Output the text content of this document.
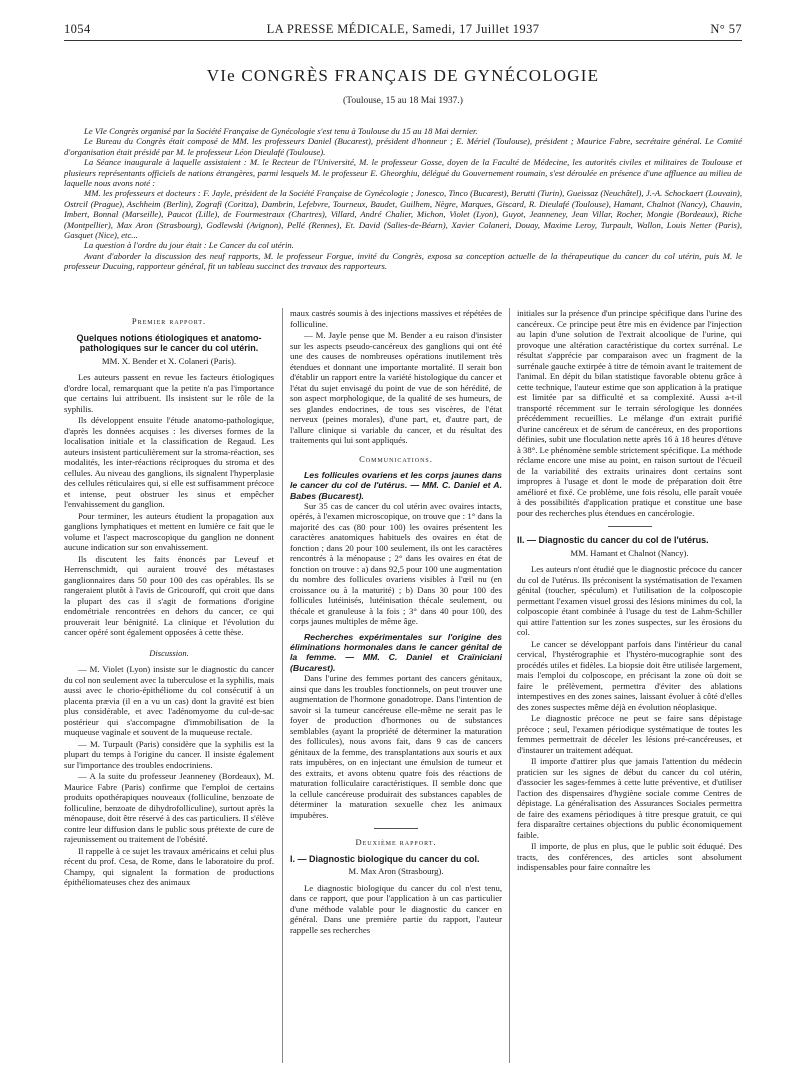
1054	LA PRESSE MÉDICALE, Samedi, 17 Juillet 1937	N° 57
VIe CONGRÈS FRANÇAIS DE GYNÉCOLOGIE
(Toulouse, 15 au 18 Mai 1937.)

Le VIe Congrès organisé par la Société Française de Gynécologie s'est tenu à Toulouse du 15 au 18 Mai dernier.

Le Bureau du Congrès était composé de MM. les professeurs Daniel (Bucarest), président d'honneur ; E. Mériel (Toulouse), président ; Maurice Fabre, secrétaire général. Le Comité d'organisation était présidé par M. le professeur Léon Dieulafé (Toulouse).

La Séance inaugurale à laquelle assistaient : M. le Recteur de l'Université, M. le professeur Gosse, doyen de la Faculté de Médecine, les autorités civiles et militaires de Toulouse et plusieurs représentants officiels de nations étrangères, parmi lesquels M. le professeur E. Gheorghiu, délégué du Gouvernement roumain, s'est déroulée en présence d'une affluence au milieu de laquelle nous avons noté :

MM. les professeurs et docteurs : F. Jayle, président de la Société Française de Gynécologie ; Jonesco, Tinco (Bucarest), Berutti (Turin), Gueissaz (Neuchâtel), J.-A. Schockaert (Louvain), Ostrcil (Prague), Aschheim (Berlin), Zografi (Coritza), Dambrin, Lefebvre, Tourneux, Baudet, Guilhem, Nègre, Marques, Giscard, R. Dieulafé (Toulouse), Hamant, Chalnot (Nancy), Chauvin, Imbert, Bonnal (Marseille), Paucot (Lille), de Fourmestraux (Chartres), Villard, André Chalier, Michon, Violet (Lyon), Guyot, Jeanneney, Jean Villar, Rocher, Mongie (Bordeaux), Riche (Montpellier), Max Aron (Strasbourg), Godlewski (Avignon), Pellé (Rennes), Et. David (Salies-de-Béarn), Xavier Colaneri, Douay, Maxime Leroy, Turpault, Wallon, Louis Netter (Paris), Gasquet (Nice), etc...

La question à l'ordre du jour était : Le Cancer du col utérin.

Avant d'aborder la discussion des neuf rapports, M. le professeur Forgue, invité du Congrès, exposa sa conception actuelle de la thérapeutique du cancer du col utérin, puis M. le professeur Ducuing, rapporteur général, fit un tableau succinct des travaux des rapporteurs.

Premier rapport.
Quelques notions étiologiques et anatomo-pathologiques sur le cancer du col utérin.
MM. X. Bender et X. Colaneri (Paris).

Les auteurs passent en revue les facteurs étiologiques d'ordre local, remarquant que la petite n'a pas l'importance que certains lui attribuent. Ils insistent sur le rôle de la syphilis.

Ils développent ensuite l'étude anatomo-pathologique, d'après les données acquises : les diverses formes de la localisation initiale et la classification de Regaud. Les auteurs insistent particulièrement sur la stroma-réaction, ses modalités, les inter-réactions réciproques du stroma et des cellules. Au niveau des ganglions, ils signalent l'hyperplasie des cellules réticulaires qui, si elle est suffisamment précoce et intense, peut obstruer les sinus et empêcher l'envahissement du ganglion.

Pour terminer, les auteurs étudient la propagation aux ganglions lymphatiques et mettent en lumière ce fait que le volume et l'aspect macroscopique du ganglion ne donnent aucune indication sur son envahissement.

Ils discutent les faits énoncés par Leveuf et Herrenschmidt, qui auraient trouvé des métastases ganglionnaires dans 50 pour 100 des cas opérables. Ils se rangeraient plutôt à l'avis de Gricouroff, qui croit que dans la plupart des cas il s'agit de formations d'origine endométriale rencontrées en dehors du cancer, ce qui prouverait leur bénignité. La clinique et l'évolution du cancer opéré sont également opposées à cette thèse.

Discussion.

— M. Violet (Lyon) insiste sur le diagnostic du cancer du col non seulement avec la tuberculose et la syphilis, mais aussi avec le chorio-épithéliome du col consécutif à un placenta prævia (il en a vu un cas) dont la gravité est bien plus considérable, et avec l'adénomyome du cul-de-sac postérieur qui s'accompagne d'immobilisation de la muqueuse vaginale et souvent de la muqueuse rectale.

— M. Turpault (Paris) considère que la syphilis est la plupart du temps à l'origine du cancer. Il insiste également sur l'importance des troubles endocriniens.

— A la suite du professeur Jeanneney (Bordeaux), M. Maurice Fabre (Paris) confirme que l'emploi de certains produits opothérapiques nouveaux (folliculine, benzoate de folliculine, benzoate de dihydrofolliculine), surtout après la ménopause, doit être réservé à des cas particuliers. Il s'élève contre leur diffusion dans le public sous prétexte de cure de rajeunissement ou traitement de l'obésité.

Il rappelle à ce sujet les travaux américains et celui plus récent du prof. Cesa, de Rome, dans le laboratoire du prof. Champy, qui signalent la formation de productions épithéliomateuses chez des animaux

maux castrés soumis à des injections massives et répétées de folliculine.

— M. Jayle pense que M. Bender a eu raison d'insister sur les aspects pseudo-cancéreux des ganglions qui ont été une des causes de nombreuses opérations inutilement très étendues et donnant une importante mortalité. Il serait bon d'établir un rapport entre la variété histologique du cancer et l'état du sujet envisagé du point de vue de son hérédité, de son aspect morphologique, de la qualité de ses humeurs, de ses glandes endocrines, de tous ses viscères, de l'état nerveux (peines morales), d'une part, et, d'autre part, de l'allure clinique si variable du cancer, et du résultat des traitements qui lui sont appliqués.

Communications.
Les follicules ovariens et les corps jaunes dans le cancer du col de l'utérus. — MM. C. Daniel et A. Babes (Bucarest).

Sur 35 cas de cancer du col utérin avec ovaires intacts, opérés, à l'examen microscopique, on trouve que : 1° dans la majorité des cas (80 pour 100) les ovaires présentent les caractères anatomiques habituels des ovaires en état de fonction ; dans 20 pour 100 seulement, ils ont les caractères rencontrés à la ménopause ; 2° dans les ovaires en état de fonction on trouve : a) dans 92,5 pour 100 une augmentation du nombre des follicules ovariens visibles à l'œil nu (en croissance ou à la maturité) ; b) Dans 30 pour 100 des follicules lutéinisés, lutéinisation thécale seulement, ou thécale et granuleuse à la fois ; 3° dans 40 pour 100, des corps jaunes multiples de même âge.

Recherches expérimentales sur l'origine des éliminations hormonales dans le cancer génital de la femme. — MM. C. Daniel et Craïniciani (Bucarest).

Dans l'urine des femmes portant des cancers génitaux, ainsi que dans les troubles fonctionnels, on peut trouver une augmentation de l'hormone gonadotrope. Dans l'intention de savoir si la tumeur cancéreuse elle-même ne serait pas le foyer de production d'hormones ou de substances semblables (ayant la propriété de déterminer la maturation des follicules), nous avons fait, dans 9 cas de cancers génitaux de la femme, des transplantations aux souris et aux rats impubères, on en injectant une émulsion de tumeur et des extraits, et avons obtenu quatre fois des réactions de maturation folliculaire caractéristiques. Il semble donc que la cellule cancéreuse produirait des substances capables de déterminer la maturation sexuelle chez les animaux impubères.

Deuxième rapport.
I. — Diagnostic biologique du cancer du col.
M. Max Aron (Strasbourg).

Le diagnostic biologique du cancer du col n'est tenu, dans ce rapport, que pour l'application à un cas particulier d'une méthode valable pour le diagnostic du cancer en général. Dans une première partie du rapport, l'auteur rappelle ses recherches

initiales sur la présence d'un principe spécifique dans l'urine des cancéreux. Ce principe peut être mis en évidence par l'injection au lapin d'une solution de l'extrait alcoolique de l'urine, qui provoque une altération caractéristique du cortex surrénal. Le résultat s'apprécie par comparaison avec un fragment de la surrénale gauche extirpée à titre de témoin avant le traitement de l'animal. En dépit du bilan statistique favorable obtenu grâce à cette technique, l'auteur estime que son application à la pratique est limitée par sa difficulté et sa complexité. Aussi a-t-il transporté récemment sur le terrain sérologique les données précédemment recueillies. Le mélange d'un extrait purifié d'urine cancéreux et de sérum de cancéreux, en des proportions définies, subit une floculation nette après 16 à 18 heures d'étuve à 38°. Le phénomène semble strictement spécifique. La méthode réclame encore une mise au point, en raison surtout de l'écueil de la variabilité des extraits urinaires dont certains sont impropres à l'usage et dont le mode de préparation doit être amélioré et fixé. Ce problème, une fois résolu, elle paraît vouée à des possibilités d'application pratique et constitue une base pour des recherches plus étendues en cancérologie.

II. — Diagnostic du cancer du col de l'utérus.
MM. Hamant et Chalnot (Nancy).

Les auteurs n'ont étudié que le diagnostic précoce du cancer du col de l'utérus. Ils préconisent la systématisation de l'examen génital (toucher, spéculum) et l'utilisation de la colposcopie permettant l'examen visuel grossi des lésions minimes du col, la colposcopie étant combinée à l'usage du test de Lahm-Schiller qui attire l'attention sur les zones suspectes, sur les érosions du col.

Le cancer se développant parfois dans l'intérieur du canal cervical, l'hystérographie et l'hystéro-mucographie sont des procédés utiles et fidèles. La biopsie doit être utilisée largement, mais l'emploi du colposcope, en précisant la zone où doit se faire le prélèvement, permettra d'éviter des ablations intempestives en des zones saines, laissant évoluer à côté d'elles des zones suspectes même déjà en évolution néoplasique.

Le diagnostic précoce ne peut se faire sans dépistage précoce ; seul, l'examen périodique systématique de toutes les femmes permettrait de déceler les lésions pré-cancéreuses, et d'instaurer un traitement adéquat.

Il importe d'attirer plus que jamais l'attention du médecin praticien sur les signes de début du cancer du col utérin, d'associer les sages-femmes à cette lutte préventive, et d'utiliser l'action des dispensaires d'hygiène sociale comme Centres de dépistage. La généralisation des Assurances Sociales permettra de faire des examens périodiques à titre presque gratuit, ce qui fera disparaître certaines objections du public économiquement faible.

Il importe, de plus en plus, que le public soit éduqué. Des tracts, des conférences, des articles sont absolument indispensables pour faire connaître les
